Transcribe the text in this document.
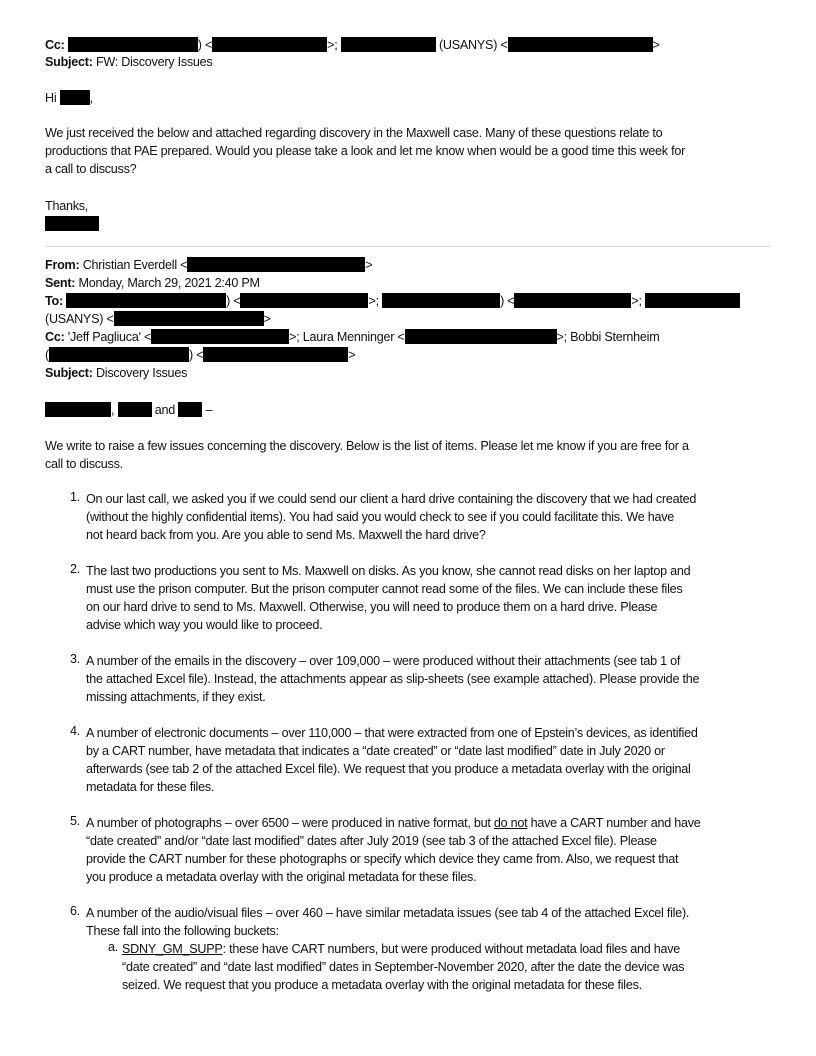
Cc:	) <	>;	(USANYS) <	>
Subject: FW: Discovery Issues
Hi	,
We just received the below and attached regarding discovery in the Maxwell case. Many of these questions relate to
productions that PAE prepared. Would you please take a look and let me know when would be a good time this week for
a call to discuss?
Thanks,
From: Christian Everdell <	>
Sent: Monday, March 29, 2021 2:40 PM
To:	) <	>;	) <	>;
(USANYS) <	>
Cc: 'Jeff Pagliuca' <	>; Laura Menninger <	>; Bobbi Sternheim
(	) <	>
Subject: Discovery Issues
,	and –
We write to raise a few issues concerning the discovery. Below is the list of items. Please let me know if you are free for a
call to discuss.
1. On our last call, we asked you if we could send our client a hard drive containing the discovery that we had created
(without the highly confidential items). You had said you would check to see if you could facilitate this. We have
not heard back from you. Are you able to send Ms. Maxwell the hard drive?
2. The last two productions you sent to Ms. Maxwell on disks. As you know, she cannot read disks on her laptop and
must use the prison computer. But the prison computer cannot read some of the files. We can include these files
on our hard drive to send to Ms. Maxwell. Otherwise, you will need to produce them on a hard drive. Please
advise which way you would like to proceed.
3. A number of the emails in the discovery – over 109,000 – were produced without their attachments (see tab 1 of
the attached Excel file). Instead, the attachments appear as slip-sheets (see example attached). Please provide the
missing attachments, if they exist.
4. A number of electronic documents – over 110,000 – that were extracted from one of Epstein’s devices, as identified
by a CART number, have metadata that indicates a “date created” or “date last modified” date in July 2020 or
afterwards (see tab 2 of the attached Excel file). We request that you produce a metadata overlay with the original
metadata for these files.
5. A number of photographs – over 6500 – were produced in native format, but do not have a CART number and have
“date created” and/or “date last modified” dates after July 2019 (see tab 3 of the attached Excel file). Please
provide the CART number for these photographs or specify which device they came from. Also, we request that
you produce a metadata overlay with the original metadata for these files.
6. A number of the audio/visual files – over 460 – have similar metadata issues (see tab 4 of the attached Excel file).
These fall into the following buckets:
a. SDNY_GM_SUPP: these have CART numbers, but were produced without metadata load files and have
“date created” and “date last modified” dates in September-November 2020, after the date the device was
seized. We request that you produce a metadata overlay with the original metadata for these files.
